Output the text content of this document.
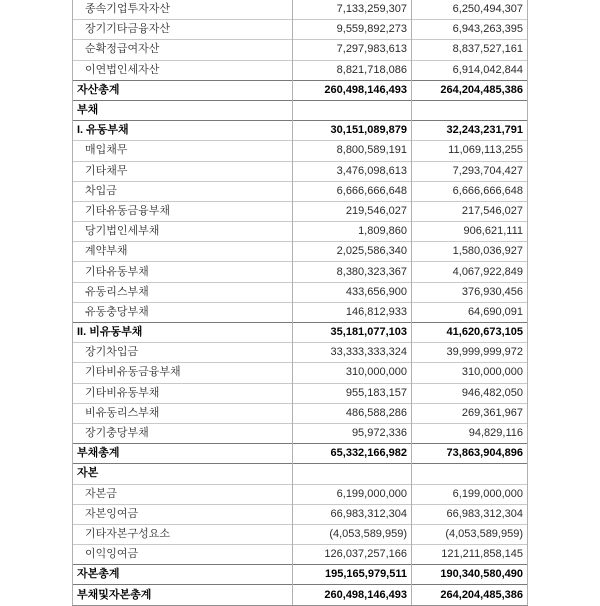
종속기업투자자산	7,133,259,307	6,250,494,307
장기기타금융자산	9,559,892,273	6,943,263,395
순확정급여자산	7,297,983,613	8,837,527,161
이연법인세자산	8,821,718,086	6,914,042,844
자산총계	260,498,146,493	264,204,485,386
부채		
I. 유동부채	30,151,089,879	32,243,231,791
매입채무	8,800,589,191	11,069,113,255
기타채무	3,476,098,613	7,293,704,427
차입금	6,666,666,648	6,666,666,648
기타유동금융부채	219,546,027	217,546,027
당기법인세부채	1,809,860	906,621,111
계약부채	2,025,586,340	1,580,036,927
기타유동부채	8,380,323,367	4,067,922,849
유동리스부채	433,656,900	376,930,456
유동충당부채	146,812,933	64,690,091
II. 비유동부채	35,181,077,103	41,620,673,105
장기차입금	33,333,333,324	39,999,999,972
기타비유동금융부채	310,000,000	310,000,000
기타비유동부채	955,183,157	946,482,050
비유동리스부채	486,588,286	269,361,967
장기충당부채	95,972,336	94,829,116
부채총계	65,332,166,982	73,863,904,896
자본		
자본금	6,199,000,000	6,199,000,000
자본잉여금	66,983,312,304	66,983,312,304
기타자본구성요소	(4,053,589,959)	(4,053,589,959)
이익잉여금	126,037,257,166	121,211,858,145
자본총계	195,165,979,511	190,340,580,490
부채및자본총계	260,498,146,493	264,204,485,386
